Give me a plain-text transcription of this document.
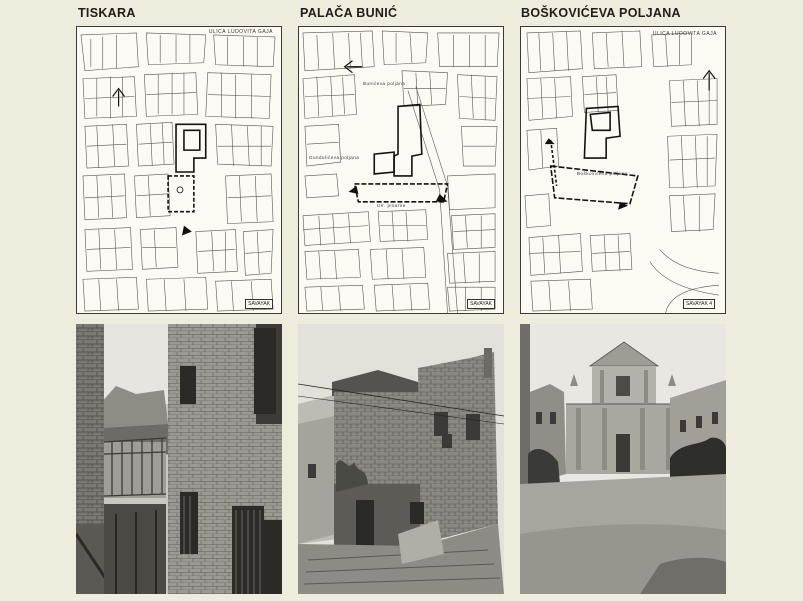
TISKARA	PALAČA BUNIĆ	BOŠKOVIĆEVA POLJANA
ULICA LUDOVITA GAJA
SAVAYAK
Bunićeva poljana
Gundulićeva poljana
Ulr. pisarne
SAVAYAK
ULICA LUDOVITA GAJA
Boškovićeva poljana
SAVAYAK 4
